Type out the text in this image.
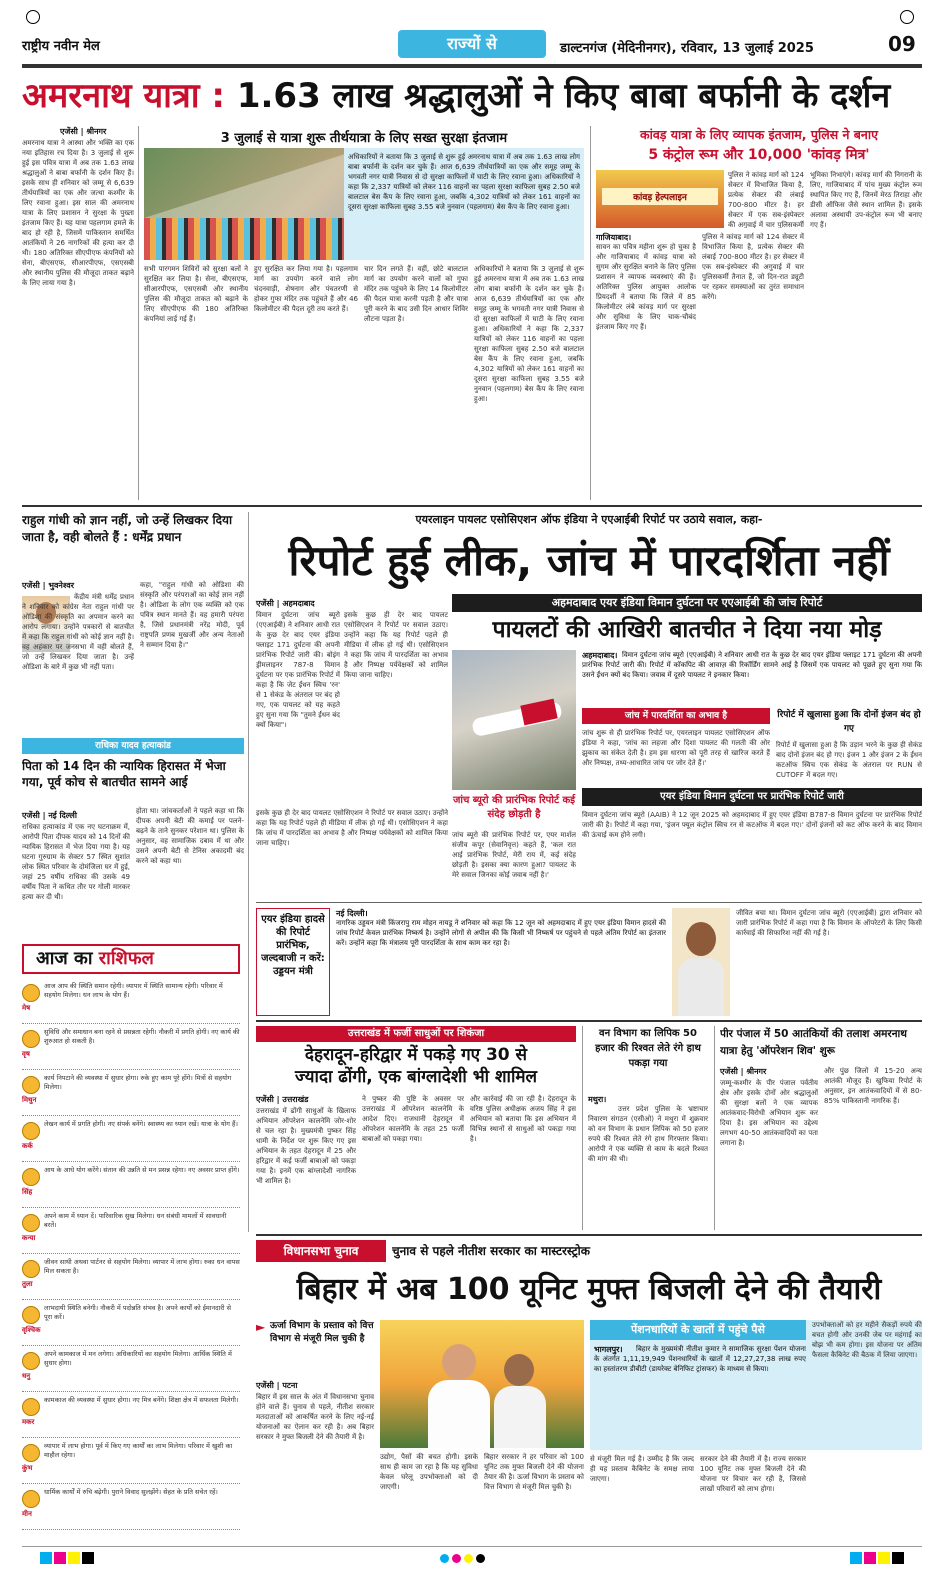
राष्ट्रीय नवीन मेल	राज्यों से	डाल्टनगंज (मेदिनीनगर), रविवार, 13 जुलाई 2025	09
अमरनाथ यात्रा : 1.63 लाख श्रद्धालुओं ने किए बाबा बर्फानी के दर्शन
एजेंसी | श्रीनगर
अमरनाथ यात्रा ने आस्था और भक्ति का एक नया इतिहास रच दिया है। 3 जुलाई से शुरू हुई इस पवित्र यात्रा में अब तक 1.63 लाख श्रद्धालुओं ने बाबा बर्फानी के दर्शन किए हैं। इसके साथ ही शनिवार को जम्मू से 6,639 तीर्थयात्रियों का एक और जत्था कश्मीर के लिए रवाना हुआ। इस साल की अमरनाथ यात्रा के लिए प्रशासन ने सुरक्षा के पुख्ता इंतजाम किए हैं। यह यात्रा पहलगाम हमले के बाद हो रही है, जिसमें पाकिस्तान समर्थित आतंकियों ने 26 नागरिकों की हत्या कर दी थी। 180 अतिरिक्त सीएपीएफ कंपनियों को सेना, बीएसएफ, सीआरपीएफ, एसएसबी और स्थानीय पुलिस की मौजूदा ताकत बढ़ाने के लिए लाया गया है।
3 जुलाई से यात्रा शुरू तीर्थयात्रा के लिए सख्त सुरक्षा इंतजाम
अधिकारियों ने बताया कि 3 जुलाई से शुरू हुई अमरनाथ यात्रा में अब तक 1.63 लाख लोग बाबा बर्फानी के दर्शन कर चुके हैं। आज 6,639 तीर्थयात्रियों का एक और समूह जम्मू के भगवती नगर यात्री निवास से दो सुरक्षा काफिलों में घाटी के लिए रवाना हुआ। अधिकारियों ने कहा कि 2,337 यात्रियों को लेकर 116 वाहनों का पहला सुरक्षा काफिला सुबह 2.50 बजे बालटाल बेस कैंप के लिए रवाना हुआ, जबकि 4,302 यात्रियों को लेकर 161 वाहनों का दूसरा सुरक्षा काफिला सुबह 3.55 बजे नुनवान (पहलगाम) बेस कैंप के लिए रवाना हुआ।
सभी पारगमन शिविरों को सुरक्षा बलों ने सुरक्षित कर लिया है। सेना, बीएसएफ, सीआरपीएफ, एसएसबी और स्थानीय पुलिस की मौजूदा ताकत को बढ़ाने के लिए सीएपीएफ की 180 अतिरिक्त कंपनियां लाई गई हैं।
हुए सुरक्षित कर लिया गया है। पहलगाम मार्ग का उपयोग करने वाले लोग चंदनवाड़ी, शेषनाग और पंचतरणी से होकर गुफा मंदिर तक पहुंचते हैं और 46 किलोमीटर की पैदल दूरी तय करते हैं।
चार दिन लगते हैं। वहीं, छोटे बालटाल मार्ग का उपयोग करने वालों को गुफा मंदिर तक पहुंचने के लिए 14 किलोमीटर की पैदल यात्रा करनी पड़ती है और यात्रा पूरी करने के बाद उसी दिन आधार शिविर लौटना पड़ता है।
अधिकारियों ने बताया कि 3 जुलाई से शुरू हुई अमरनाथ यात्रा में अब तक 1.63 लाख लोग बाबा बर्फानी के दर्शन कर चुके हैं। आज 6,639 तीर्थयात्रियों का एक और समूह जम्मू के भगवती नगर यात्री निवास से दो सुरक्षा काफिलों में घाटी के लिए रवाना हुआ। अधिकारियों ने कहा कि 2,337 यात्रियों को लेकर 116 वाहनों का पहला सुरक्षा काफिला सुबह 2.50 बजे बालटाल बेस कैंप के लिए रवाना हुआ, जबकि 4,302 यात्रियों को लेकर 161 वाहनों का दूसरा सुरक्षा काफिला सुबह 3.55 बजे नुनवान (पहलगाम) बेस कैंप के लिए रवाना हुआ।
कांवड़ यात्रा के लिए व्यापक इंतजाम, पुलिस ने बनाए
5 कंट्रोल रूम और 10,000 'कांवड़ मित्र'
कांवड़ हेल्पलाइन
पुलिस ने कांवड़ मार्ग को 124 सेक्टर में विभाजित किया है, प्रत्येक सेक्टर की लंबाई 700-800 मीटर है। हर सेक्टर में एक सब-इंस्पेक्टर की अगुवाई में चार पुलिसकर्मी
गाजियाबाद।
सावन का पवित्र महीना शुरू हो चुका है और गाजियाबाद में कांवड़ यात्रा को सुगम और सुरक्षित बनाने के लिए पुलिस प्रशासन ने व्यापक व्यवस्थाएं की हैं। अतिरिक्त पुलिस आयुक्त आलोक प्रियदर्शी ने बताया कि जिले में 85 किलोमीटर लंबे कांवड़ मार्ग पर सुरक्षा और सुविधा के लिए चाक-चौबंद इंतजाम किए गए हैं।
पुलिस ने कांवड़ मार्ग को 124 सेक्टर में विभाजित किया है, प्रत्येक सेक्टर की लंबाई 700-800 मीटर है। हर सेक्टर में एक सब-इंस्पेक्टर की अगुवाई में चार पुलिसकर्मी तैनात हैं, जो दिन-रात ड्यूटी पर रहकर समस्याओं का तुरंत समाधान करेंगे।
भूमिका निभाएंगे। कांवड़ मार्ग की निगरानी के लिए, गाजियाबाद में पांच मुख्य कंट्रोल रूम स्थापित किए गए हैं, जिनमें मेरठ तिराहा और डीसी ऑफिस जैसे स्थान शामिल हैं। इसके अलावा अस्थायी उप-कंट्रोल रूम भी बनाए गए हैं।
राहुल गांधी को ज्ञान नहीं, जो उन्हें लिखकर दिया जाता है, वही बोलते हैं : धर्मेंद्र प्रधान
एजेंसी | भुवनेश्वर
केंद्रीय मंत्री धर्मेंद्र प्रधान ने शनिवार को कांग्रेस नेता राहुल गांधी पर ओडिशा की संस्कृति का अपमान करने का आरोप लगाया। उन्होंने पत्रकारों से बातचीत में कहा कि राहुल गांधी को कोई ज्ञान नहीं है। वह अहंकार पर जनसभा में वही बोलते हैं, जो उन्हें लिखकर दिया जाता है। उन्हें ओडिशा के बारे में कुछ भी नहीं पता।
कहा, "राहुल गांधी को ओडिशा की संस्कृति और परंपराओं का कोई ज्ञान नहीं है। ओडिशा के लोग एक व्यक्ति को एक पवित्र स्थान मानते हैं। वह हमारी परंपरा है, जिसे प्रधानमंत्री नरेंद्र मोदी, पूर्व राष्ट्रपति प्रणब मुखर्जी और अन्य नेताओं ने सम्मान दिया है।"
राधिका यादव हत्याकांड
पिता को 14 दिन की न्यायिक हिरासत में भेजा गया, पूर्व कोच से बातचीत सामने आई
एजेंसी | नई दिल्ली
राधिका हत्याकांड में एक नए घटनाक्रम में, आरोपी पिता दीपक यादव को 14 दिनों की न्यायिक हिरासत में भेज दिया गया है। यह घटना गुरुग्राम के सेक्टर 57 स्थित सुशांत लोक स्थित परिवार के दोमंजिला घर में हुई, जहां 25 वर्षीय राधिका की उसके 49 वर्षीय पिता ने कथित तौर पर गोली मारकर हत्या कर दी थी।
होता था। जांचकर्ताओं ने पहले कहा था कि दीपक अपनी बेटी की कमाई पर पलने-बढ़ने के ताने सुनकर परेशान था। पुलिस के अनुसार, वह सामाजिक दबाव में था और उसने अपनी बेटी से टेनिस अकादमी बंद करने को कहा था।
आज का राशिफल
मेष
आज आप की स्थिति समान रहेगी। व्यापार में स्थिति सामान्य रहेगी। परिवार में सहयोग मिलेगा। धन लाभ के योग हैं।
वृष
सुविधि और समाधान बना रहने से प्रसन्नता रहेगी। नौकरी में प्रगति होगी। नए कार्य की शुरुआत हो सकती है।
मिथुन
कार्य निपटाने की व्यवस्था में सुधार होगा। रुके हुए काम पूरे होंगे। मित्रों से सहयोग मिलेगा।
कर्क
लेखन कार्य में प्रगति होगी। नए संपर्क बनेंगे। स्वास्थ्य का ध्यान रखें। यात्रा के योग हैं।
सिंह
आय के आधे योग करेंगे। संतान की उन्नति से मन प्रसन्न रहेगा। नए अवसर प्राप्त होंगे।
कन्या
अपने काम में ध्यान दें। पारिवारिक सुख मिलेगा। धन संबंधी मामलों में सावधानी बरतें।
तुला
जीवन साथी अथवा पार्टनर से सहयोग मिलेगा। व्यापार में लाभ होगा। रुका धन वापस मिल सकता है।
वृश्चिक
लाभदायी स्थिति बनेगी। नौकरी में पदोन्नति संभव है। अपने कार्यों को ईमानदारी से पूरा करें।
धनु
अपने कामकाज में मन लगेगा। अधिकारियों का सहयोग मिलेगा। आर्थिक स्थिति में सुधार होगा।
मकर
कामकाज की व्यवस्था में सुधार होगा। नए मित्र बनेंगे। शिक्षा क्षेत्र में सफलता मिलेगी।
कुंभ
व्यापार में लाभ होगा। पूर्व में किए गए कार्यों का लाभ मिलेगा। परिवार में खुशी का माहौल रहेगा।
मीन
धार्मिक कार्यों में रुचि बढ़ेगी। पुराने विवाद सुलझेंगे। सेहत के प्रति सचेत रहें।
एयरलाइन पायलट एसोसिएशन ऑफ इंडिया ने एएआईबी रिपोर्ट पर उठाये सवाल, कहा-
रिपोर्ट हुई लीक, जांच में पारदर्शिता नहीं
एजेंसी | अहमदाबाद
विमान दुर्घटना जांच ब्यूरो (एएआईबी) ने शनिवार आधी रात के कुछ देर बाद एयर इंडिया फ्लाइट 171 दुर्घटना की अपनी प्रारंभिक रिपोर्ट जारी की। बोइंग ड्रीमलाइनर 787-8 विमान दुर्घटना पर एक प्रारंभिक रिपोर्ट में कहा है कि जेट ईंधन स्विच 'रन' से 1 सेकंड के अंतराल पर बंद हो गए, एक पायलट को यह कहते हुए सुना गया कि "तुमने ईंधन बंद क्यों किया"।
इसके कुछ ही देर बाद पायलट एसोसिएशन ने रिपोर्ट पर सवाल उठाए। उन्होंने कहा कि यह रिपोर्ट पहले ही मीडिया में लीक हो गई थी। एसोसिएशन ने कहा कि जांच में पारदर्शिता का अभाव है और निष्पक्ष पर्यवेक्षकों को शामिल किया जाना चाहिए।
अहमदाबाद एयर इंडिया विमान दुर्घटना पर एएआईबी की जांच रिपोर्ट
पायलटों की आखिरी बातचीत ने दिया नया मोड़
अहमदाबाद। विमान दुर्घटना जांच ब्यूरो (एएआईबी) ने शनिवार आधी रात के कुछ देर बाद एयर इंडिया फ्लाइट 171 दुर्घटना की अपनी प्रारंभिक रिपोर्ट जारी की। रिपोर्ट में कॉकपिट की आवाज़ की रिकॉर्डिंग सामने आई है जिसमें एक पायलट को पूछते हुए सुना गया कि उसने ईंधन क्यों बंद किया। जवाब में दूसरे पायलट ने इनकार किया।
जांच ब्यूरो की प्रारंभिक रिपोर्ट कई संदेह छोड़ती है
जांच ब्यूरो की प्रारंभिक रिपोर्ट पर, एयर मार्शल संजीव कपूर (सेवानिवृत्त) कहते हैं, 'कल रात आई प्रारंभिक रिपोर्ट, मेरी राय में, कई संदेह छोड़ती है। इसका क्या कारण हुआ? पायलट के मेरे सवाल जिनका कोई जवाब नहीं है।'
जांच में पारदर्शिता का अभाव है
जांच शुरू से ही प्रारंभिक रिपोर्ट पर, एयरलाइन पायलट एसोसिएशन ऑफ इंडिया ने कहा, 'जांच का लहजा और दिशा पायलट की गलती की ओर झुकाव का संकेत देती है। हम इस धारणा को पूरी तरह से खारिज करते हैं और निष्पक्ष, तथ्य-आधारित जांच पर जोर देते हैं।'
रिपोर्ट में खुलासा हुआ कि दोनों इंजन बंद हो गए
रिपोर्ट में खुलासा हुआ है कि उड़ान भरने के कुछ ही सेकंड बाद दोनों इंजन बंद हो गए। इंजन 1 और इंजन 2 के ईंधन कटऑफ स्विच एक सेकंड के अंतराल पर RUN से CUTOFF में बदल गए।
एयर इंडिया विमान दुर्घटना पर प्रारंभिक रिपोर्ट जारी
विमान दुर्घटना जांच ब्यूरो (AAIB) ने 12 जून 2025 को अहमदाबाद में हुए एयर इंडिया B787-8 विमान दुर्घटना पर प्रारंभिक रिपोर्ट जारी की है। रिपोर्ट में कहा गया, 'इंजन फ्यूल कंट्रोल स्विच रन से कटऑफ में बदल गए।' दोनों इंजनों को कट ऑफ करने के बाद विमान की ऊंचाई कम होने लगी।
इसके कुछ ही देर बाद पायलट एसोसिएशन ने रिपोर्ट पर सवाल उठाए। उन्होंने कहा कि यह रिपोर्ट पहले ही मीडिया में लीक हो गई थी। एसोसिएशन ने कहा कि जांच में पारदर्शिता का अभाव है और निष्पक्ष पर्यवेक्षकों को शामिल किया जाना चाहिए।
एयर इंडिया हादसे की रिपोर्ट प्रारंभिक, जल्दबाजी न करें: उड्डयन मंत्री
नई दिल्ली।
नागरिक उड्डयन मंत्री किंजरापु राम मोहन नायडू ने शनिवार को कहा कि 12 जून को अहमदाबाद में हुए एयर इंडिया विमान हादसे की जांच रिपोर्ट केवल प्रारंभिक निष्कर्ष है। उन्होंने लोगों से अपील की कि किसी भी निष्कर्ष पर पहुंचने से पहले अंतिम रिपोर्ट का इंतजार करें। उन्होंने कहा कि मंत्रालय पूरी पारदर्शिता के साथ काम कर रहा है।
जीवित बचा था। विमान दुर्घटना जांच ब्यूरो (एएआईबी) द्वारा शनिवार को जारी प्रारंभिक रिपोर्ट में कहा गया है कि विमान के ऑपरेटरों के लिए किसी कार्रवाई की सिफारिश नहीं की गई है।
उत्तराखंड में फर्जी साधुओं पर शिकंजा
देहरादून-हरिद्वार में पकड़े गए 30 से
ज्यादा ढोंगी, एक बांग्लादेशी भी शामिल
एजेंसी | उत्तराखंड
उत्तराखंड में ढोंगी साधुओं के खिलाफ अभियान ऑपरेशन कालनेमि जोर-शोर से चल रहा है। मुख्यमंत्री पुष्कर सिंह धामी के निर्देश पर शुरू किए गए इस अभियान के तहत देहरादून में 25 और हरिद्वार में कई फर्जी बाबाओं को पकड़ा गया है। इनमें एक बांग्लादेशी नागरिक भी शामिल है।
ने पुष्कर की पुष्टि के अवसर पर उत्तराखंड में ऑपरेशन कालनेमि के आदेश दिए। राजधानी देहरादून में ऑपरेशन कालनेमि के तहत 25 फर्जी बाबाओं को पकड़ा गया।
और कार्रवाई की जा रही है। देहरादून के वरिष्ठ पुलिस अधीक्षक अजय सिंह ने इस अभियान को बताया कि इस अभियान में विभिन्न स्थानों से साधुओं को पकड़ा गया है।
वन विभाग का लिपिक 50 हजार की रिश्वत लेते रंगे हाथ पकड़ा गया
मथुरा।
उत्तर प्रदेश पुलिस के भ्रष्टाचार निवारण संगठन (एसीओ) ने मथुरा में शुक्रवार को वन विभाग के प्रधान लिपिक को 50 हजार रुपये की रिश्वत लेते रंगे हाथ गिरफ्तार किया। आरोपी ने एक व्यक्ति से काम के बदले रिश्वत की मांग की थी।
पीर पंजाल में 50 आतंकियों की तलाश अमरनाथ यात्रा हेतु 'ऑपरेशन शिव' शुरू
एजेंसी | श्रीनगर
जम्मू-कश्मीर के पीर पंजाल पर्वतीय क्षेत्र और इसके दोनों ओर श्रद्धालुओं की सुरक्षा बलों ने एक व्यापक आतंकवाद-विरोधी अभियान शुरू कर दिया है। इस अभियान का उद्देश्य लगभग 40-50 आतंकवादियों का पता लगाना है।
और पुंछ जिलों में 15-20 अन्य आतंकी मौजूद हैं। खुफिया रिपोर्ट के अनुसार, इन आतंकवादियों में से 80-85% पाकिस्तानी नागरिक हैं।
विधानसभा चुनाव	चुनाव से पहले नीतीश सरकार का मास्टरस्ट्रोक
बिहार में अब 100 यूनिट मुफ्त बिजली देने की तैयारी
► ऊर्जा विभाग के प्रस्ताव को वित्त विभाग से मंजूरी मिल चुकी है
एजेंसी | पटना
पेंशनधारियों के खातों में पहुंचे पैसे
भागलपुर।	बिहार के मुख्यमंत्री नीतीश कुमार ने सामाजिक सुरक्षा पेंशन योजना के अंतर्गत 1,11,19,949 पेंशनधारियों के खातों में 12,27,27,38 लाख रुपए का हस्तांतरण डीबीटी (डायरेक्ट बेनिफिट ट्रांसफर) के माध्यम से किया।
उपभोक्ताओं को हर महीने सैकड़ों रुपये की बचत होगी और उनकी जेब पर महंगाई का बोझ भी कम होगा। इस योजना पर अंतिम फैसला कैबिनेट की बैठक में लिया जाएगा।
बिहार में इस साल के अंत में विधानसभा चुनाव होने वाले हैं। चुनाव से पहले, नीतीश सरकार मतदाताओं को आकर्षित करने के लिए नई-नई योजनाओं का ऐलान कर रही है। अब बिहार सरकार ने मुफ्त बिजली देने की तैयारी में है।
उद्योग, पैसों की बचत होगी। इसके साथ ही काम जा रहा है कि यह सुविधा केवल घरेलू उपभोक्ताओं को दी जाएगी।
बिहार सरकार ने हर परिवार को 100 यूनिट तक मुफ्त बिजली देने की योजना तैयार की है। ऊर्जा विभाग के प्रस्ताव को वित्त विभाग से मंजूरी मिल चुकी है।
से मंजूरी मिल गई है। उम्मीद है कि जल्द ही यह प्रस्ताव कैबिनेट के समक्ष लाया जाएगा।
सरकार देने की तैयारी में है। राज्य सरकार 100 यूनिट तक मुफ्त बिजली देने की योजना पर विचार कर रही है, जिससे लाखों परिवारों को लाभ होगा।
